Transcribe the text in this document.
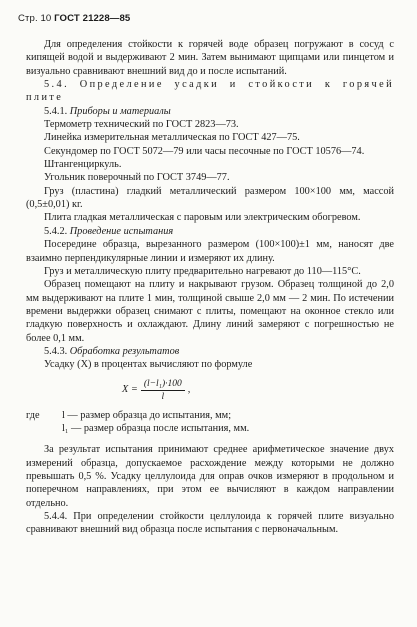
Стр. 10 ГОСТ 21228—85

Для определения стойкости к горячей воде образец погружают в сосуд с кипящей водой и выдерживают 2 мин. Затем вынимают щипцами или пинцетом и визуально сравнивают внешний вид до и после испытаний.

5.4. Определение усадки и стойкости к горячей плите

5.4.1. Приборы и материалы

Термометр технический по ГОСТ 2823—73.

Линейка измерительная металлическая по ГОСТ 427—75.

Секундомер по ГОСТ 5072—79 или часы песочные по ГОСТ 10576—74.

Штангенциркуль.

Угольник поверочный по ГОСТ 3749—77.

Груз (пластина) гладкий металлический размером 100×100 мм, массой (0,5±0,01) кг.

Плита гладкая металлическая с паровым или электрическим обогревом.

5.4.2. Проведение испытания

Посередине образца, вырезанного размером (100×100)±1 мм, наносят две взаимно перпендикулярные линии и измеряют их длину.

Груз и металлическую плиту предварительно нагревают до 110—115°С.

Образец помещают на плиту и накрывают грузом. Образец толщиной до 2,0 мм выдерживают на плите 1 мин, толщиной свыше 2,0 мм — 2 мин. По истечении времени выдержки образец снимают с плиты, помещают на оконное стекло или гладкую поверхность и охлаждают. Длину линий замеряют с погрешностью не более 0,1 мм.

5.4.3. Обработка результатов

Усадку (X) в процентах вычисляют по формуле

$X = \frac{\text{(l−l₁)·100}}{l}$ ,
где	l — размер образца до испытания, мм;
l₁ — размер образца после испытания, мм.

За результат испытания принимают среднее арифметическое значение двух измерений образца, допускаемое расхождение между которыми не должно превышать 0,5 %. Усадку целлулоида для оправ очков измеряют в продольном и поперечном направлениях, при этом ее вычисляют в каждом направлении отдельно.

5.4.4. При определении стойкости целлулоида к горячей плите визуально сравнивают внешний вид образца после испытания с первоначальным.
